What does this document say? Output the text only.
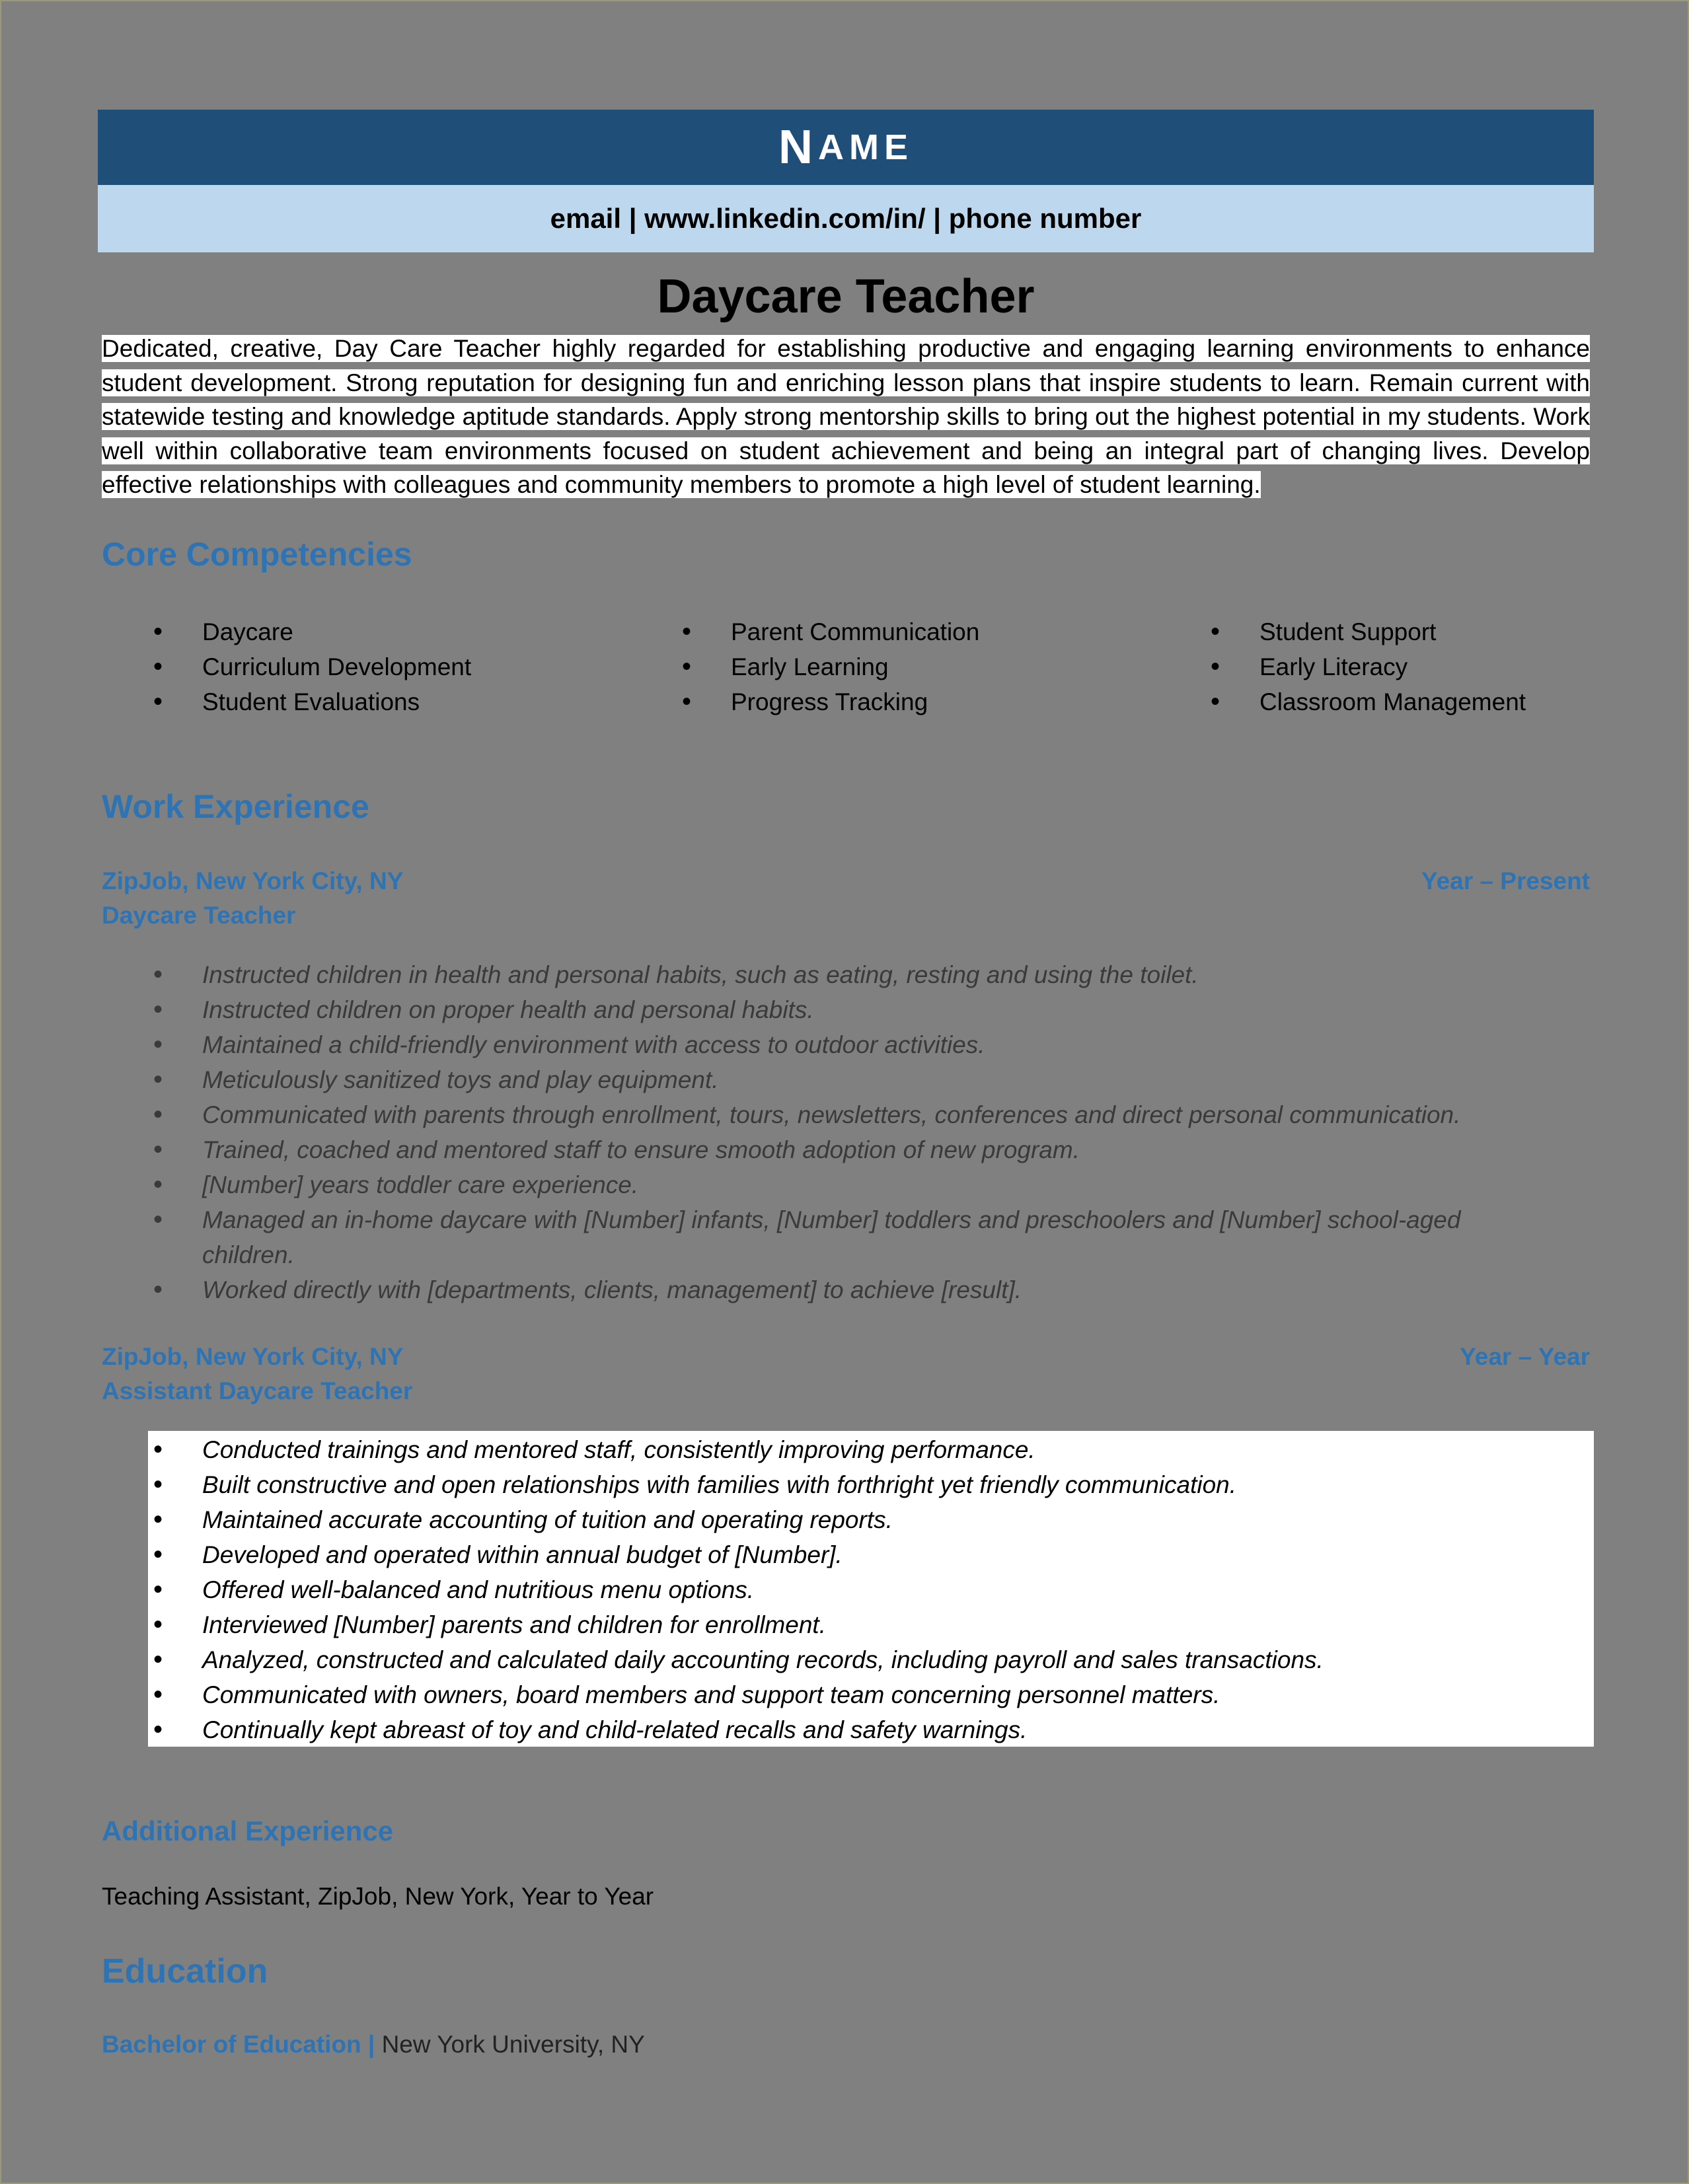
N AME
email | www.linkedin.com/in/ | phone number
Daycare Teacher
Dedicated, creative, Day Care Teacher highly regarded for establishing productive and engaging learning environments to enhance student development. Strong reputation for designing fun and enriching lesson plans that inspire students to learn. Remain current with statewide testing and knowledge aptitude standards. Apply strong mentorship skills to bring out the highest potential in my students. Work well within collaborative team environments focused on student achievement and being an integral part of changing lives. Develop effective relationships with colleagues and community members to promote a high level of student learning.
Core Competencies
• Daycare
• Curriculum Development
• Student Evaluations
• Parent Communication
• Early Learning
• Progress Tracking
• Student Support
• Early Literacy
• Classroom Management
Work Experience
ZipJob, New York City, NY	Year – Present
Daycare Teacher
• Instructed children in health and personal habits, such as eating, resting and using the toilet.
• Instructed children on proper health and personal habits.
• Maintained a child-friendly environment with access to outdoor activities.
• Meticulously sanitized toys and play equipment.
• Communicated with parents through enrollment, tours, newsletters, conferences and direct personal communication.
• Trained, coached and mentored staff to ensure smooth adoption of new program.
• [Number] years toddler care experience.
• Managed an in-home daycare with [Number] infants, [Number] toddlers and preschoolers and [Number] school-aged children.
• Worked directly with [departments, clients, management] to achieve [result].
ZipJob, New York City, NY	Year – Year
Assistant Daycare Teacher
• Conducted trainings and mentored staff, consistently improving performance.
• Built constructive and open relationships with families with forthright yet friendly communication.
• Maintained accurate accounting of tuition and operating reports.
• Developed and operated within annual budget of [Number].
• Offered well-balanced and nutritious menu options.
• Interviewed [Number] parents and children for enrollment.
• Analyzed, constructed and calculated daily accounting records, including payroll and sales transactions.
• Communicated with owners, board members and support team concerning personnel matters.
• Continually kept abreast of toy and child-related recalls and safety warnings.
Additional Experience
Teaching Assistant, ZipJob, New York, Year to Year
Education
Bachelor of Education | New York University, NY
